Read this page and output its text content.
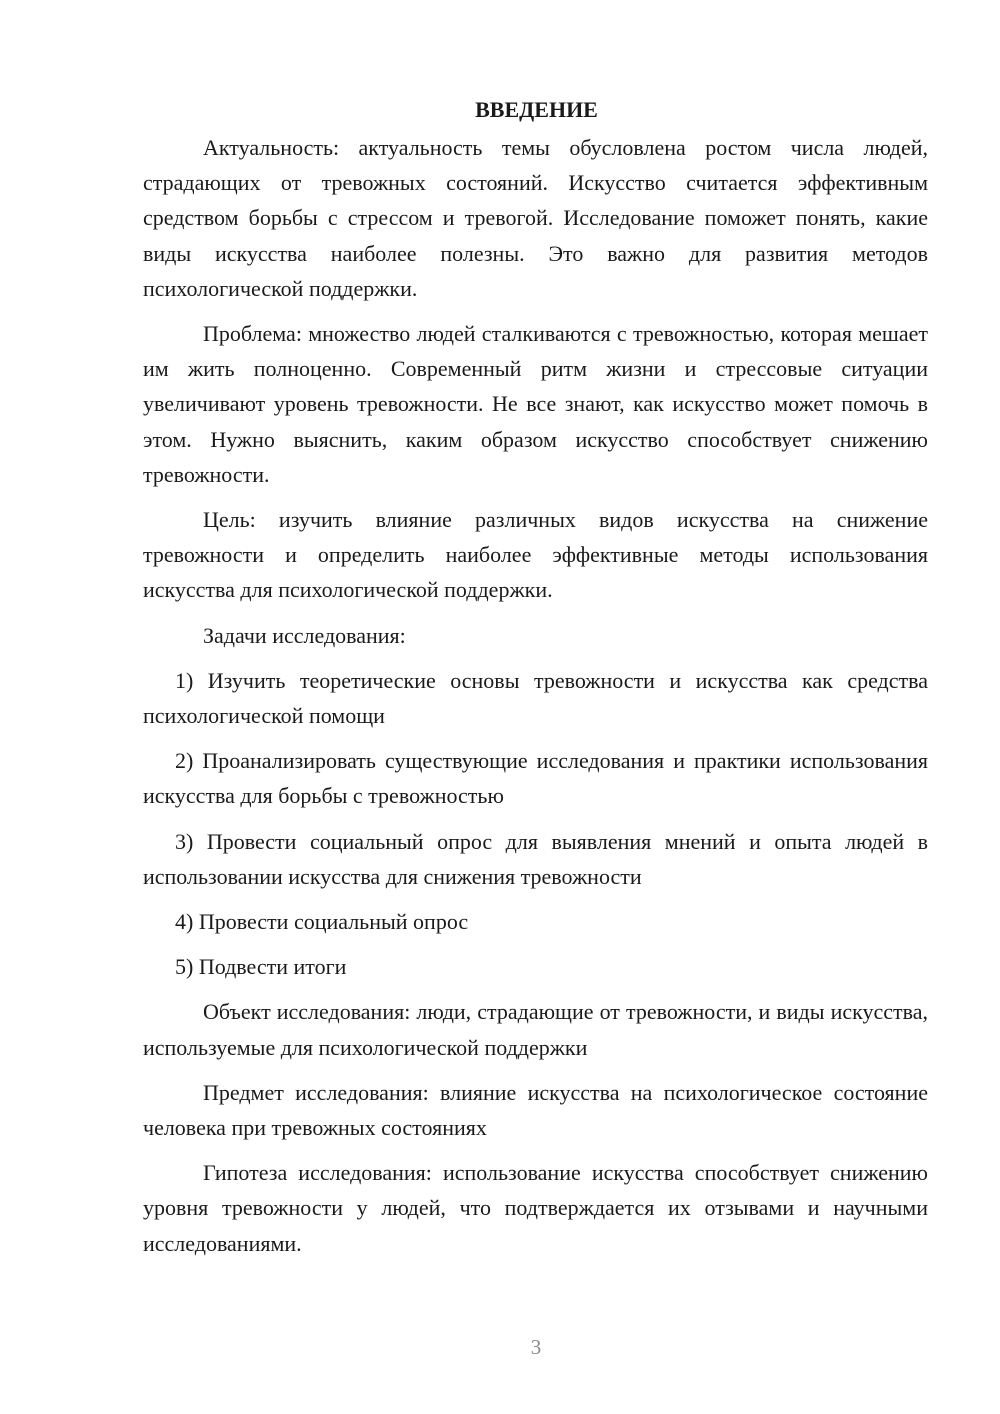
ВВЕДЕНИЕ

Актуальность: актуальность темы обусловлена ростом числа людей, страдающих от тревожных состояний. Искусство считается эффективным средством борьбы с стрессом и тревогой. Исследование поможет понять, какие виды искусства наиболее полезны. Это важно для развития методов психологической поддержки.

Проблема: множество людей сталкиваются с тревожностью, которая мешает им жить полноценно. Современный ритм жизни и стрессовые ситуации увеличивают уровень тревожности. Не все знают, как искусство может помочь в этом. Нужно выяснить, каким образом искусство способствует снижению тревожности.

Цель: изучить влияние различных видов искусства на снижение тревожности и определить наиболее эффективные методы использования искусства для психологической поддержки.

Задачи исследования:

1) Изучить теоретические основы тревожности и искусства как средства психологической помощи

2) Проанализировать существующие исследования и практики использования искусства для борьбы с тревожностью

3) Провести социальный опрос для выявления мнений и опыта людей в использовании искусства для снижения тревожности

4) Провести социальный опрос

5) Подвести итоги

Объект исследования: люди, страдающие от тревожности, и виды искусства, используемые для психологической поддержки

Предмет исследования: влияние искусства на психологическое состояние человека при тревожных состояниях

Гипотеза исследования: использование искусства способствует снижению уровня тревожности у людей, что подтверждается их отзывами и научными исследованиями.

3
